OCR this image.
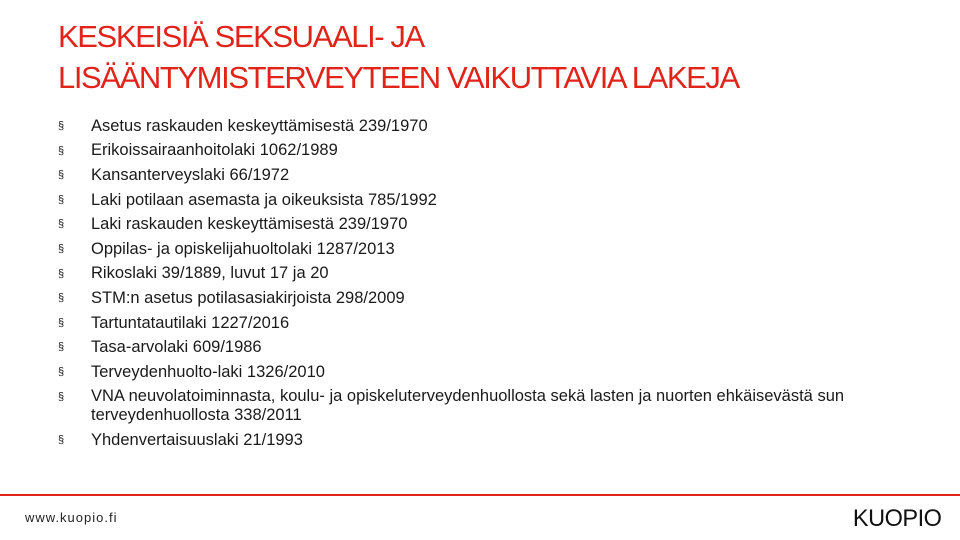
KESKEISIÄ SEKSUAALI- JA
LISÄÄNTYMISTERVEYTEEN VAIKUTTAVIA LAKEJA
§ Asetus raskauden keskeyttämisestä 239/1970
§ Erikoissairaanhoitolaki 1062/1989
§ Kansanterveyslaki 66/1972
§ Laki potilaan asemasta ja oikeuksista 785/1992
§ Laki raskauden keskeyttämisestä 239/1970
§ Oppilas- ja opiskelijahuoltolaki 1287/2013
§ Rikoslaki 39/1889, luvut 17 ja 20
§ STM:n asetus potilasasiakirjoista 298/2009
§ Tartuntatautilaki 1227/2016
§ Tasa-arvolaki 609/1986
§ Terveydenhuolto-laki 1326/2010
§ VNA neuvolatoiminnasta, koulu- ja opiskeluterveydenhuollosta sekä lasten ja nuorten ehkäisevästä sun terveydenhuollosta 338/2011
§ Yhdenvertaisuuslaki 21/1993
www.kuopio.fi	KUOPIO
